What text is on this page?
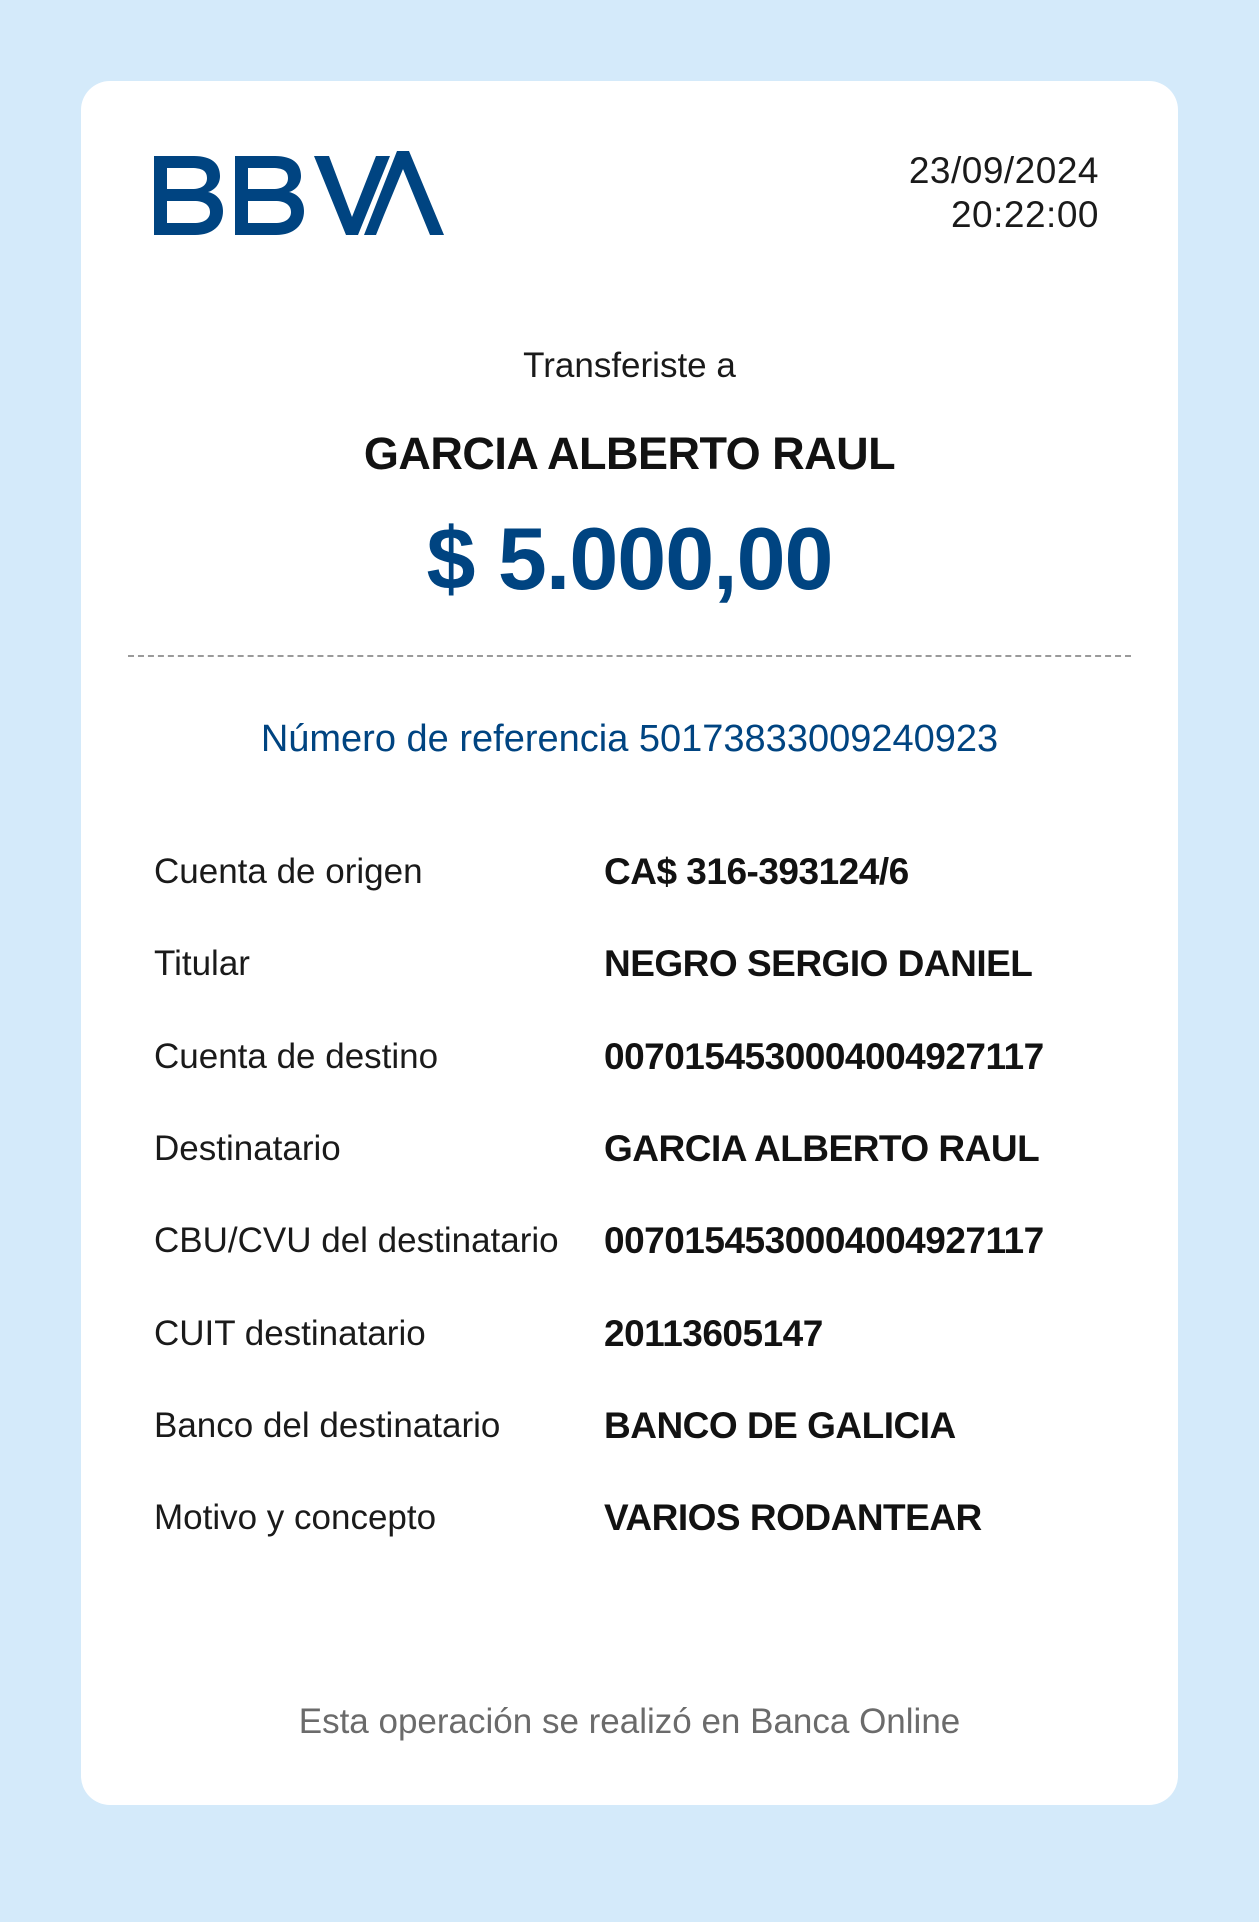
23/09/2024
20:22:00
Transferiste a
GARCIA ALBERTO RAUL
$ 5.000,00
Número de referencia 50173833009240923
Cuenta de origen	CA$ 316-393124/6
Titular	NEGRO SERGIO DANIEL
Cuenta de destino	0070154530004004927117
Destinatario	GARCIA ALBERTO RAUL
CBU/CVU del destinatario	0070154530004004927117
CUIT destinatario	20113605147
Banco del destinatario	BANCO DE GALICIA
Motivo y concepto	VARIOS RODANTEAR
Esta operación se realizó en Banca Online
